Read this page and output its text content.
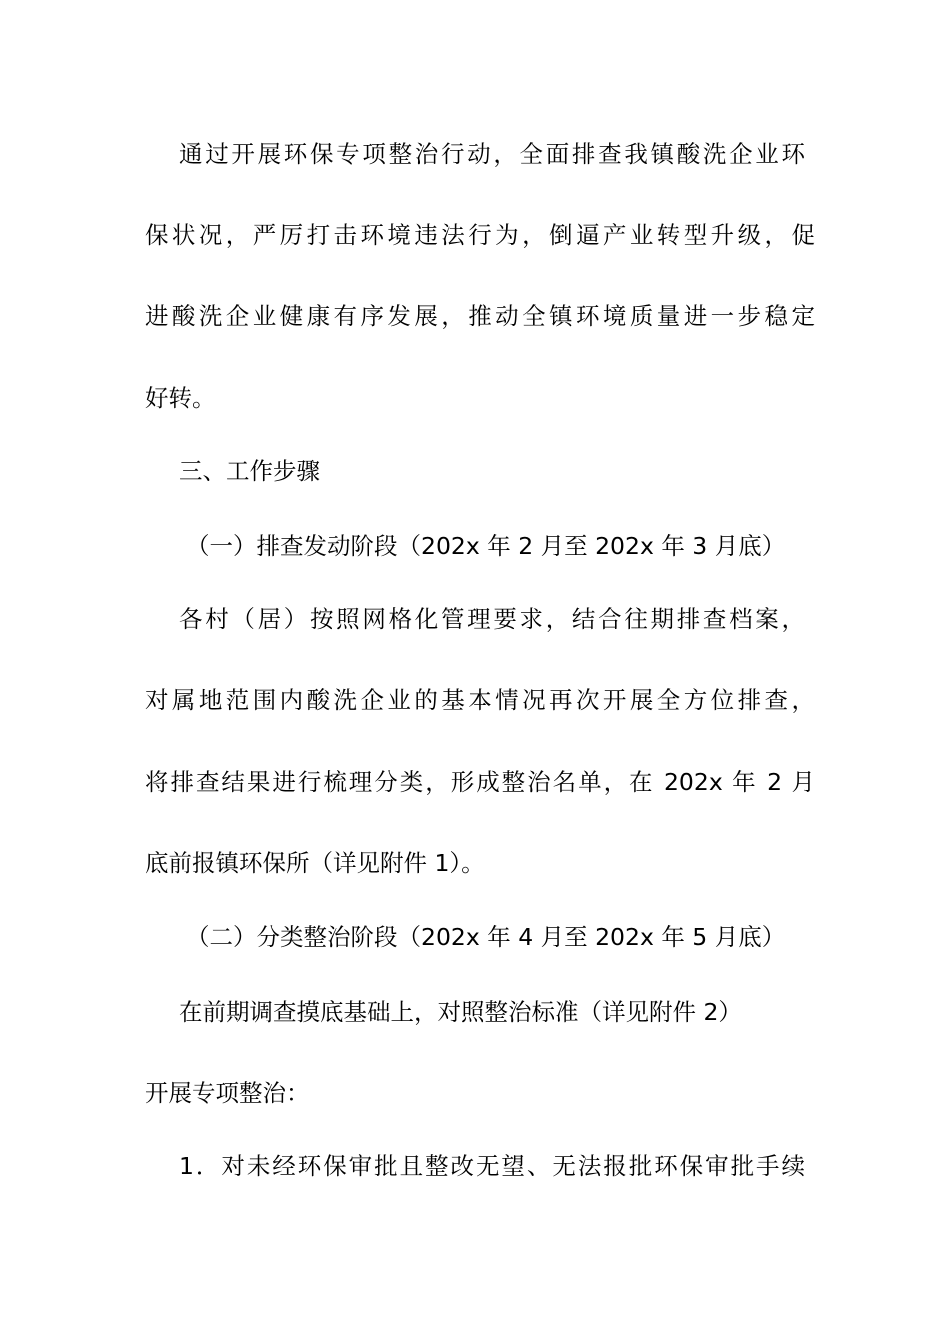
通过开展环保专项整治行动，全面排查我镇酸洗企业环
保状况，严厉打击环境违法行为，倒逼产业转型升级，促
进酸洗企业健康有序发展，推动全镇环境质量进一步稳定
好转。
三、工作步骤
（一）排查发动阶段（202x 年 2 月至 202x 年 3 月底）
各村（居）按照网格化管理要求，结合往期排查档案，
对属地范围内酸洗企业的基本情况再次开展全方位排查，
将排查结果进行梳理分类，形成整治名单，在 202x 年 2 月
底前报镇环保所（详见附件 1）。
（二）分类整治阶段（202x 年 4 月至 202x 年 5 月底）
在前期调查摸底基础上，对照整治标准（详见附件 2）
开展专项整治：
1．对未经环保审批且整改无望、无法报批环保审批手续
